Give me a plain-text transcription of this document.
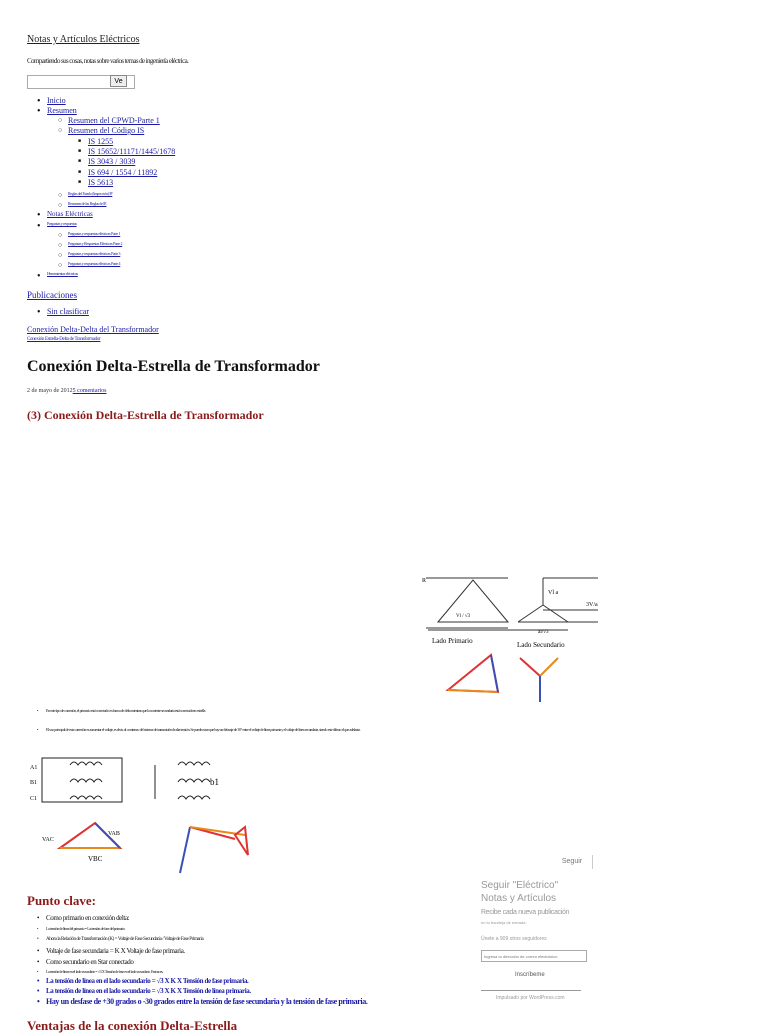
Notas y Artículos Eléctricos
Compartiendo sus cosas, notas sobre varios temas de ingeniería eléctrica.
Ve
• Inicio
• Resumen
○ Resumen del CPWD-Parte 1
○ Resumen del Código IS
■ IS 1255
■ IS 15652/11171/1445/1678
■ IS 3043 / 3039
■ IS 694 / 1554 / 11892
■ IS 5613
○ Reglas del Estado (Inspección) IP
○ Resumen de las Reglas de IE
• Notas Eléctricas
• Preguntas y respuestas
○ Preguntas y respuestas eléctricas Parte 1
○ Preguntas y Respuestas Eléctricas Parte 2
○ Preguntas y respuestas eléctricas Parte 3
○ Preguntas y respuestas eléctricas Parte 4
• Herramientas eléctricas
Publicaciones
• Sin clasificar
Conexión Delta-Delta del Transformador
Conexión Estrella-Delta de Transformador
Conexión Delta-Estrella de Transformador
2 de mayo de 20125 comentarios
(3) Conexión Delta-Estrella de Transformador
R
Vl / √3
Vl a
3V/a
aI/√3
Lado Primario	Lado Secundario
• En este tipo de conexión, el primario está conectado en forma de delta mientras que la corriente secundaria está conectada en estrella.
• El uso principal de esta conexión es aumentar el voltaje, es decir, al comienzo del sistema de transmisión de alta tensión. Se puede notar que hay un defasaje de 30° entre el voltaje de línea primaria y el voltaje de línea secundaria, siendo este último el que adelanta.
A1
B1
C1
b1
VBC
VAB
VAC
Seguir
Punto clave:
• Como primario en conexión delta:
• La tensión de línea del primario = La tensión de fase del primario.
• Ahora la Relación de Transformación (K) = Voltaje de Fase Secundaria / Voltaje de Fase Primaria
• Voltaje de fase secundaria = K X Voltaje de fase primaria.
• Como secundario en Star conectado
• La tensión de línea en el lado secundario = √3 X Tensión de fase en el lado secundario. Entonces,
• La tensión de línea en el lado secundario = √3 X K X Tensión de fase primaria.
• La tensión de línea en el lado secundario = √3 X K X Tensión de línea primaria.
• Hay un desfase de +30 grados o -30 grados entre la tensión de fase secundaria y la tensión de fase primaria.
Ventajas de la conexión Delta-Estrella
Seguir "Eléctrico"
Notas y Artículos
Recibe cada nueva publicación
en tu bandeja de entrada.
Únete a 909 otros seguidores
Ingresa tu dirección de correo electrónico
Inscríbeme
Impulsado por WordPress.com
